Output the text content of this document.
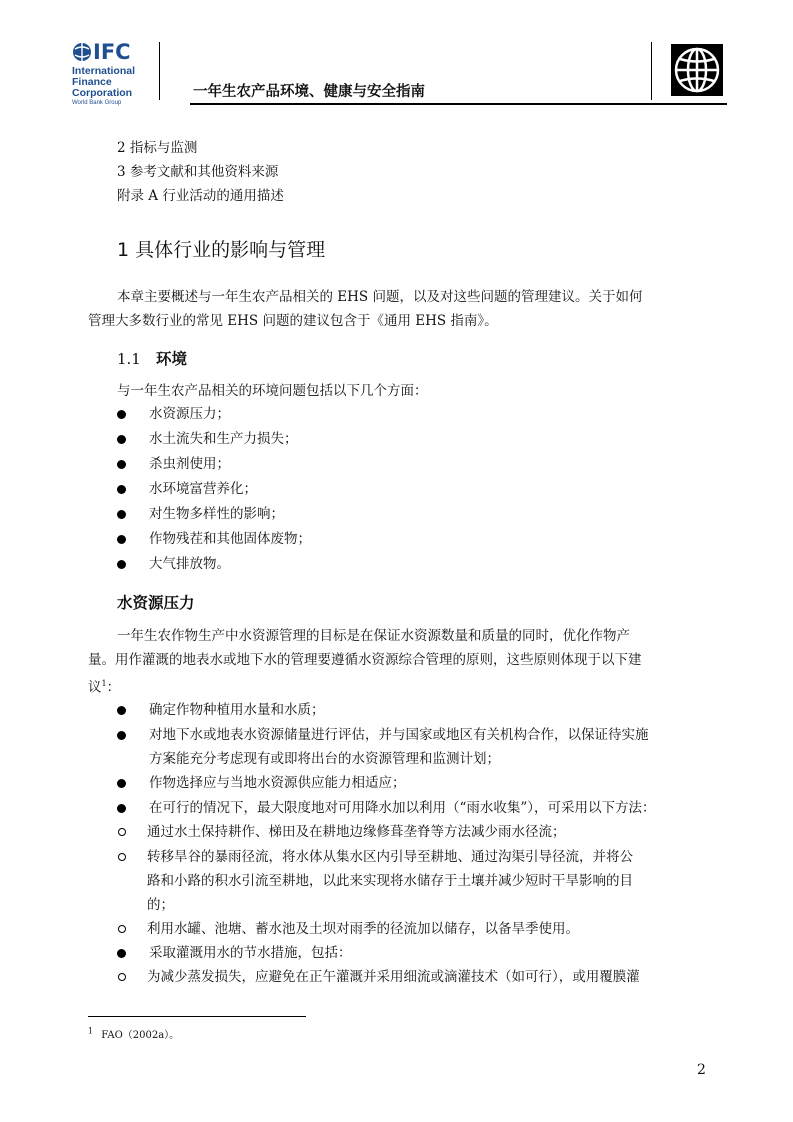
IFC
International
Finance
Corporation
World Bank Group
一年生农产品环境、健康与安全指南
2 指标与监测
3 参考文献和其他资料来源
附录 A 行业活动的通用描述
1 具体行业的影响与管理
本章主要概述与一年生农产品相关的 EHS 问题，以及对这些问题的管理建议。关于如何
管理大多数行业的常见 EHS 问题的建议包含于《通用 EHS 指南》。
1.1 环境
与一年生农产品相关的环境问题包括以下几个方面：
水资源压力；
水土流失和生产力损失；
杀虫剂使用；
水环境富营养化；
对生物多样性的影响；
作物残茬和其他固体废物；
大气排放物。
水资源压力
一年生农作物生产中水资源管理的目标是在保证水资源数量和质量的同时，优化作物产
量。用作灌溉的地表水或地下水的管理要遵循水资源综合管理的原则，这些原则体现于以下建
议$^1$：
确定作物种植用水量和水质；
对地下水或地表水资源储量进行评估，并与国家或地区有关机构合作，以保证待实施
方案能充分考虑现有或即将出台的水资源管理和监测计划；
作物选择应与当地水资源供应能力相适应；
在可行的情况下，最大限度地对可用降水加以利用（“雨水收集”），可采用以下方法：
通过水土保持耕作、梯田及在耕地边缘修葺垄脊等方法减少雨水径流；
转移旱谷的暴雨径流，将水体从集水区内引导至耕地、通过沟渠引导径流，并将公
路和小路的积水引流至耕地，以此来实现将水储存于土壤并减少短时干旱影响的目
的；
利用水罐、池塘、蓄水池及土坝对雨季的径流加以储存，以备旱季使用。
采取灌溉用水的节水措施，包括：
为减少蒸发损失，应避免在正午灌溉并采用细流或滴灌技术（如可行），或用覆膜灌
$^1$ FAO（2002a）。
2
